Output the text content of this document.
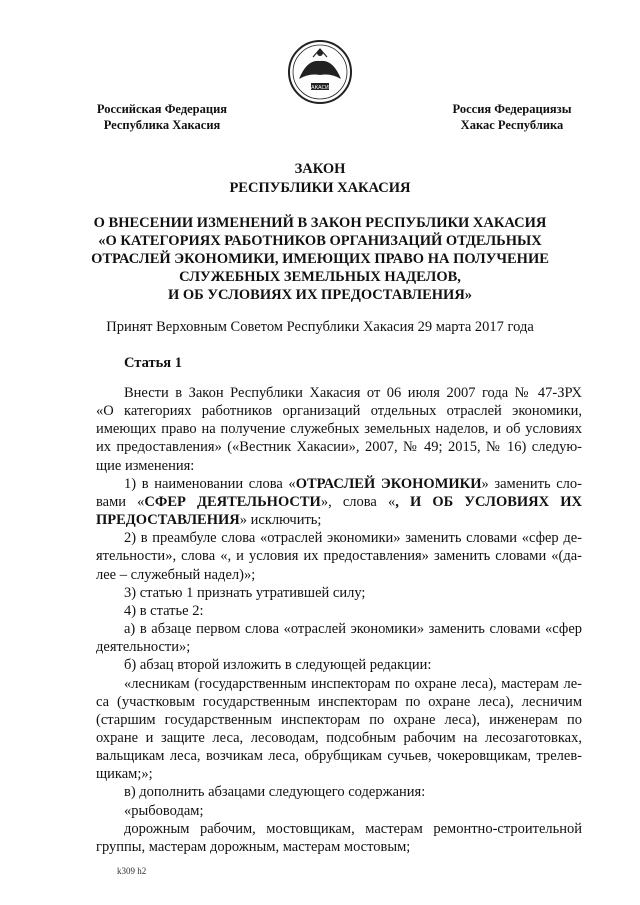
ХАКАСИЯ
Российская Федерация
Республика Хакасия
Россия Федерациязы
Хакас Республика
ЗАКОН
РЕСПУБЛИКИ ХАКАСИЯ
О ВНЕСЕНИИ ИЗМЕНЕНИЙ В ЗАКОН РЕСПУБЛИКИ ХАКАСИЯ
«О КАТЕГОРИЯХ РАБОТНИКОВ ОРГАНИЗАЦИЙ ОТДЕЛЬНЫХ
ОТРАСЛЕЙ ЭКОНОМИКИ, ИМЕЮЩИХ ПРАВО НА ПОЛУЧЕНИЕ
СЛУЖЕБНЫХ ЗЕМЕЛЬНЫХ НАДЕЛОВ,
И ОБ УСЛОВИЯХ ИХ ПРЕДОСТАВЛЕНИЯ»
Принят Верховным Советом Республики Хакасия 29 марта 2017 года
Статья 1
Внести в Закон Республики Хакасия от 06 июля 2007 года № 47-ЗРХ
«О категориях работников организаций отдельных отраслей экономики,
имеющих право на получение служебных земельных наделов, и об условиях
их предоставления» («Вестник Хакасии», 2007, № 49; 2015, № 16) следую-
щие изменения:
1) в наименовании слова «ОТРАСЛЕЙ ЭКОНОМИКИ» заменить сло-
вами «СФЕР ДЕЯТЕЛЬНОСТИ», слова «, И ОБ УСЛОВИЯХ ИХ
ПРЕДОСТАВЛЕНИЯ» исключить;
2) в преамбуле слова «отраслей экономики» заменить словами «сфер де-
ятельности», слова «, и условия их предоставления» заменить словами «(да-
лее – служебный надел)»;
3) статью 1 признать утратившей силу;
4) в статье 2:
а) в абзаце первом слова «отраслей экономики» заменить словами «сфер
деятельности»;
б) абзац второй изложить в следующей редакции:
«лесникам (государственным инспекторам по охране леса), мастерам ле-
са (участковым государственным инспекторам по охране леса), лесничим
(старшим государственным инспекторам по охране леса), инженерам по
охране и защите леса, лесоводам, подсобным рабочим на лесозаготовках,
вальщикам леса, возчикам леса, обрубщикам сучьев, чокеровщикам, трелев-
щикам;»;
в) дополнить абзацами следующего содержания:
«рыбоводам;
дорожным рабочим, мостовщикам, мастерам ремонтно-строительной
группы, мастерам дорожным, мастерам мостовым;
k309 h2
